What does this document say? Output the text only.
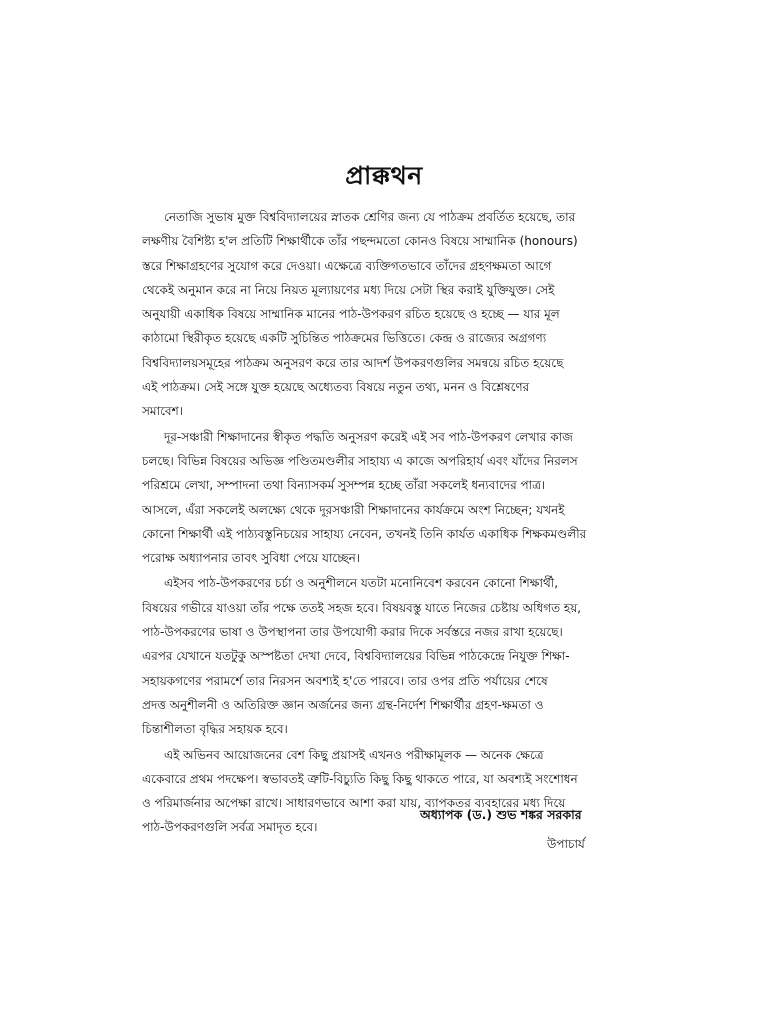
প্রাক্কথন
নেতাজি সুভাষ মুক্ত বিশ্ববিদ্যালয়ের স্নাতক শ্রেণির জন্য যে পাঠক্রম প্রবর্তিত হয়েছে, তার
লক্ষণীয় বৈশিষ্ট্য হ'ল প্রতিটি শিক্ষার্থীকে তাঁর পছন্দমতো কোনও বিষয়ে সাম্মানিক (honours)
স্তরে শিক্ষাগ্রহণের সুযোগ করে দেওয়া। এক্ষেত্রে ব্যক্তিগতভাবে তাঁদের গ্রহণক্ষমতা আগে
থেকেই অনুমান করে না নিয়ে নিয়ত মূল্যায়ণের মধ্য দিয়ে সেটা স্থির করাই যুক্তিযুক্ত। সেই
অনুযায়ী একাধিক বিষয়ে সাম্মানিক মানের পাঠ-উপকরণ রচিত হয়েছে ও হচ্ছে — যার মূল
কাঠামো স্থিরীকৃত হয়েছে একটি সুচিন্তিত পাঠক্রমের ভিত্তিতে। কেন্দ্র ও রাজ্যের অগ্রগণ্য
বিশ্ববিদ্যালয়সমূহের পাঠক্রম অনুসরণ করে তার আদর্শ উপকরণগুলির সমন্বয়ে রচিত হয়েছে
এই পাঠক্রম। সেই সঙ্গে যুক্ত হয়েছে অধ্যেতব্য বিষয়ে নতুন তথ্য, মনন ও বিশ্লেষণের
সমাবেশ।
দূর-সঞ্চারী শিক্ষাদানের স্বীকৃত পদ্ধতি অনুসরণ করেই এই সব পাঠ-উপকরণ লেখার কাজ
চলছে। বিভিন্ন বিষয়ের অভিজ্ঞ পণ্ডিতমণ্ডলীর সাহায্য এ কাজে অপরিহার্য এবং যাঁদের নিরলস
পরিশ্রমে লেখা, সম্পাদনা তথা বিন্যাসকর্ম সুসম্পন্ন হচ্ছে তাঁরা সকলেই ধন্যবাদের পাত্র।
আসলে, এঁরা সকলেই অলক্ষ্যে থেকে দূরসঞ্চারী শিক্ষাদানের কার্যক্রমে অংশ নিচ্ছেন; যখনই
কোনো শিক্ষার্থী এই পাঠ্যবস্তুনিচয়ের সাহায্য নেবেন, তখনই তিনি কার্যত একাধিক শিক্ষকমণ্ডলীর
পরোক্ষ অধ্যাপনার তাবৎ সুবিধা পেয়ে যাচ্ছেন।
এইসব পাঠ-উপকরণের চর্চা ও অনুশীলনে যতটা মনোনিবেশ করবেন কোনো শিক্ষার্থী,
বিষয়ের গভীরে যাওয়া তাঁর পক্ষে ততই সহজ হবে। বিষয়বস্তু যাতে নিজের চেষ্টায় অধিগত হয়,
পাঠ-উপকরণের ভাষা ও উপস্থাপনা তার উপযোগী করার দিকে সর্বস্তরে নজর রাখা হয়েছে।
এরপর যেখানে যতটুকু অস্পষ্টতা দেখা দেবে, বিশ্ববিদ্যালয়ের বিভিন্ন পাঠকেন্দ্রে নিযুক্ত শিক্ষা-
সহায়কগণের পরামর্শে তার নিরসন অবশ্যই হ'তে পারবে। তার ওপর প্রতি পর্যায়ের শেষে
প্রদত্ত অনুশীলনী ও অতিরিক্ত জ্ঞান অর্জনের জন্য গ্রন্থ-নির্দেশ শিক্ষার্থীর গ্রহণ-ক্ষমতা ও
চিন্তাশীলতা বৃদ্ধির সহায়ক হবে।
এই অভিনব আয়োজনের বেশ কিছু প্রয়াসই এখনও পরীক্ষামূলক — অনেক ক্ষেত্রে
একেবারে প্রথম পদক্ষেপ। স্বভাবতই ত্রুটি-বিচ্যুতি কিছু কিছু থাকতে পারে, যা অবশ্যই সংশোধন
ও পরিমার্জনার অপেক্ষা রাখে। সাধারণভাবে আশা করা যায়, ব্যাপকতর ব্যবহারের মধ্য দিয়ে
পাঠ-উপকরণগুলি সর্বত্র সমাদৃত হবে।
অধ্যাপক (ড.) শুভ শঙ্কর সরকার
উপাচার্য
